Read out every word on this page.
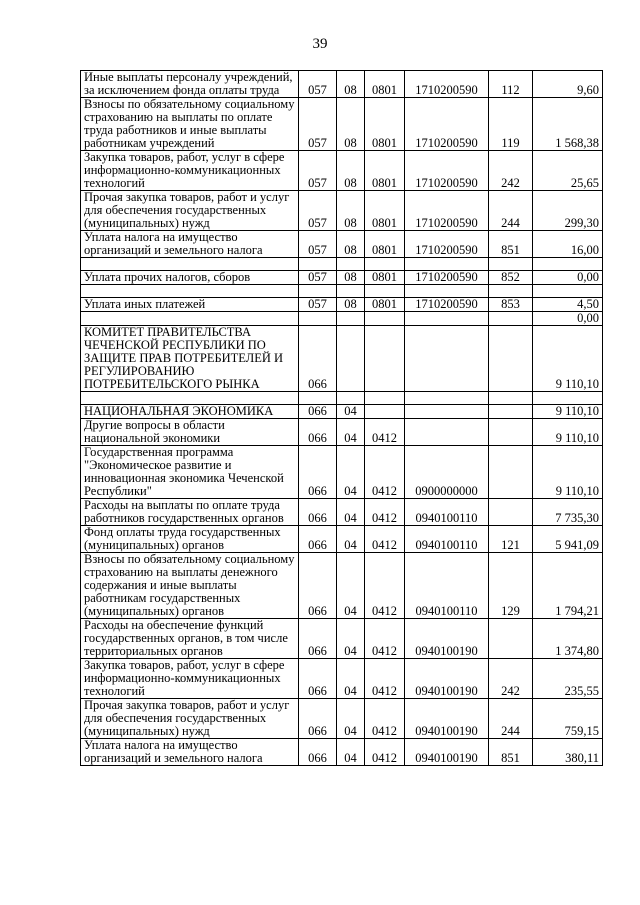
39
Иные выплаты персоналу учреждений, за исключением фонда оплаты труда	057	08	0801	1710200590	112	9,60
Взносы по обязательному социальному страхованию на выплаты по оплате труда работников и иные выплаты работникам учреждений	057	08	0801	1710200590	119	1 568,38
Закупка товаров, работ, услуг в сфере информационно-коммуникационных технологий	057	08	0801	1710200590	242	25,65
Прочая закупка товаров, работ и услуг для обеспечения государственных (муниципальных) нужд	057	08	0801	1710200590	244	299,30
Уплата налога на имущество организаций и земельного налога	057	08	0801	1710200590	851	16,00

Уплата прочих налогов, сборов	057	08	0801	1710200590	852	0,00

Уплата иных платежей	057	08	0801	1710200590	853	4,50
						0,00
КОМИТЕТ ПРАВИТЕЛЬСТВА ЧЕЧЕНСКОЙ РЕСПУБЛИКИ ПО ЗАЩИТЕ ПРАВ ПОТРЕБИТЕЛЕЙ И РЕГУЛИРОВАНИЮ ПОТРЕБИТЕЛЬСКОГО РЫНКА	066					9 110,10

НАЦИОНАЛЬНАЯ ЭКОНОМИКА	066	04				9 110,10
Другие вопросы в области национальной экономики	066	04	0412			9 110,10
Государственная программа "Экономическое развитие и инновационная экономика Чеченской Республики"	066	04	0412	0900000000		9 110,10
Расходы на выплаты по оплате труда работников государственных органов	066	04	0412	0940100110		7 735,30
Фонд оплаты труда государственных (муниципальных) органов	066	04	0412	0940100110	121	5 941,09
Взносы по обязательному социальному страхованию на выплаты денежного содержания и иные выплаты работникам государственных (муниципальных) органов	066	04	0412	0940100110	129	1 794,21
Расходы на обеспечение функций государственных органов, в том числе территориальных органов	066	04	0412	0940100190		1 374,80
Закупка товаров, работ, услуг в сфере информационно-коммуникационных технологий	066	04	0412	0940100190	242	235,55
Прочая закупка товаров, работ и услуг для обеспечения государственных (муниципальных) нужд	066	04	0412	0940100190	244	759,15
Уплата налога на имущество организаций и земельного налога	066	04	0412	0940100190	851	380,11
